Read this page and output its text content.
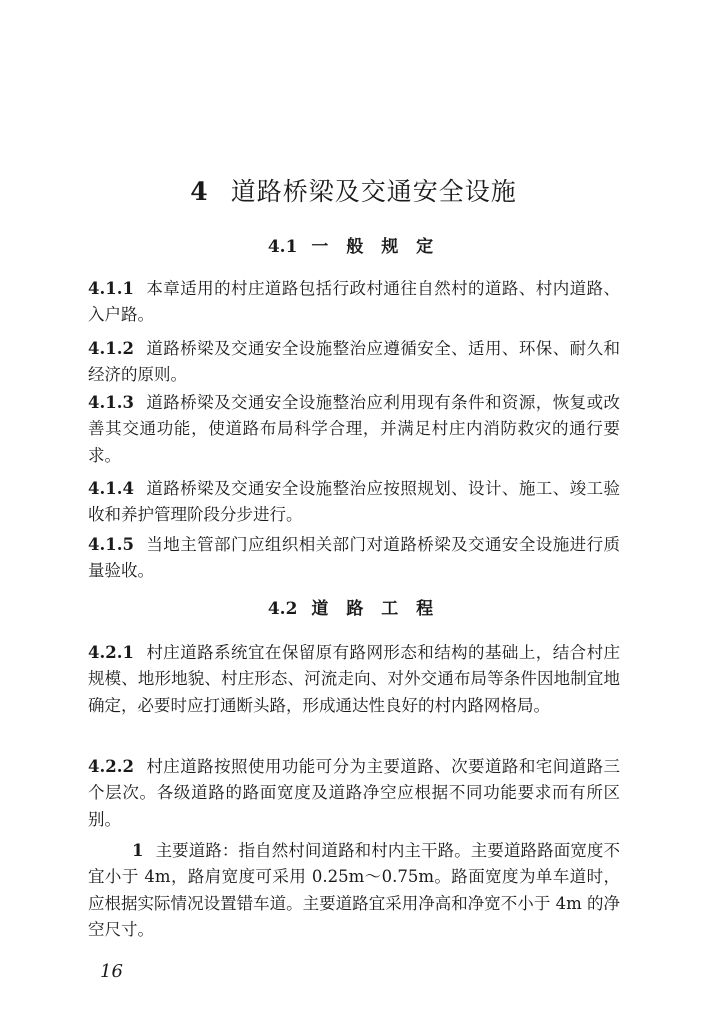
4 道路桥梁及交通安全设施
4.1 一 般 规 定
4.1.1 本章适用的村庄道路包括行政村通往自然村的道路、村内道路、入户路。
4.1.2 道路桥梁及交通安全设施整治应遵循安全、适用、环保、耐久和经济的原则。
4.1.3 道路桥梁及交通安全设施整治应利用现有条件和资源，恢复或改善其交通功能，使道路布局科学合理，并满足村庄内消防救灾的通行要求。
4.1.4 道路桥梁及交通安全设施整治应按照规划、设计、施工、竣工验收和养护管理阶段分步进行。
4.1.5 当地主管部门应组织相关部门对道路桥梁及交通安全设施进行质量验收。
4.2 道 路 工 程
4.2.1 村庄道路系统宜在保留原有路网形态和结构的基础上，结合村庄规模、地形地貌、村庄形态、河流走向、对外交通布局等条件因地制宜地确定，必要时应打通断头路，形成通达性良好的村内路网格局。
4.2.2 村庄道路按照使用功能可分为主要道路、次要道路和宅间道路三个层次。各级道路的路面宽度及道路净空应根据不同功能要求而有所区别。
1 主要道路：指自然村间道路和村内主干路。主要道路路面宽度不宜小于 4m，路肩宽度可采用 0.25m～0.75m。路面宽度为单车道时，应根据实际情况设置错车道。主要道路宜采用净高和净宽不小于 4m 的净空尺寸。
16
